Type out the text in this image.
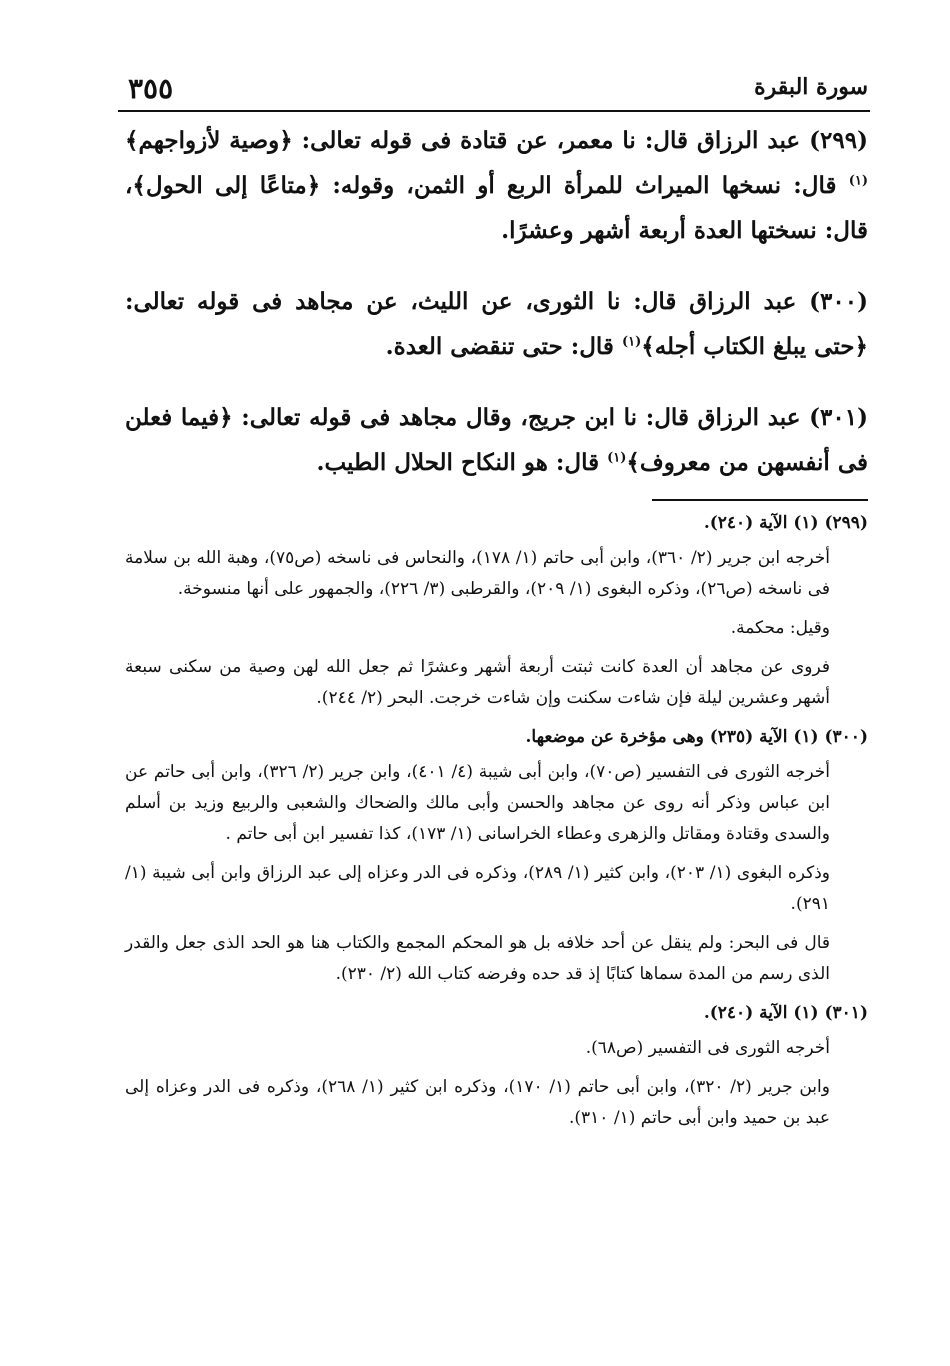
٣٥٥	سورة البقرة

(٢٩٩) عبد الرزاق قال: نا معمر، عن قتادة فى قوله تعالى: ﴿وصية لأزواجهم﴾$^{(١)}$ قال: نسخها الميراث للمرأة الربع أو الثمن، وقوله: ﴿متاعًا إلى الحول﴾، قال: نسختها العدة أربعة أشهر وعشرًا.

(٣٠٠) عبد الرزاق قال: نا الثورى، عن الليث، عن مجاهد فى قوله تعالى: ﴿حتى يبلغ الكتاب أجله﴾$^{(١)}$ قال: حتى تنقضى العدة.

(٣٠١) عبد الرزاق قال: نا ابن جريج، وقال مجاهد فى قوله تعالى: ﴿فيما فعلن فى أنفسهن من معروف﴾$^{(١)}$ قال: هو النكاح الحلال الطيب.

(٢٩٩) (١) الآية (٢٤٠).
أخرجه ابن جرير (٢/ ٣٦٠)، وابن أبى حاتم (١/ ١٧٨)، والنحاس فى ناسخه (ص٧٥)، وهبة الله بن سلامة فى ناسخه (ص٢٦)، وذكره البغوى (١/ ٢٠٩)، والقرطبى (٣/ ٢٢٦)، والجمهور على أنها منسوخة.
وقيل: محكمة.
فروى عن مجاهد أن العدة كانت ثبتت أربعة أشهر وعشرًا ثم جعل الله لهن وصية من سكنى سبعة أشهر وعشرين ليلة فإن شاءت سكنت وإن شاءت خرجت. البحر (٢/ ٢٤٤).
(٣٠٠) (١) الآية (٢٣٥) وهى مؤخرة عن موضعها.
أخرجه الثورى فى التفسير (ص٧٠)، وابن أبى شيبة (٤/ ٤٠١)، وابن جرير (٢/ ٣٢٦)، وابن أبى حاتم عن ابن عباس وذكر أنه روى عن مجاهد والحسن وأبى مالك والضحاك والشعبى والربيع وزيد بن أسلم والسدى وقتادة ومقاتل والزهرى وعطاء الخراسانى (١/ ١٧٣)، كذا تفسير ابن أبى حاتم .
وذكره البغوى (١/ ٢٠٣)، وابن كثير (١/ ٢٨٩)، وذكره فى الدر وعزاه إلى عبد الرزاق وابن أبى شيبة (١/ ٢٩١).
قال فى البحر: ولم ينقل عن أحد خلافه بل هو المحكم المجمع والكتاب هنا هو الحد الذى جعل والقدر الذى رسم من المدة سماها كتابًا إذ قد حده وفرضه كتاب الله (٢/ ٢٣٠).
(٣٠١) (١) الآية (٢٤٠).
أخرجه الثورى فى التفسير (ص٦٨).
وابن جرير (٢/ ٣٢٠)، وابن أبى حاتم (١/ ١٧٠)، وذكره ابن كثير (١/ ٢٦٨)، وذكره فى الدر وعزاه إلى عبد بن حميد وابن أبى حاتم (١/ ٣١٠).
